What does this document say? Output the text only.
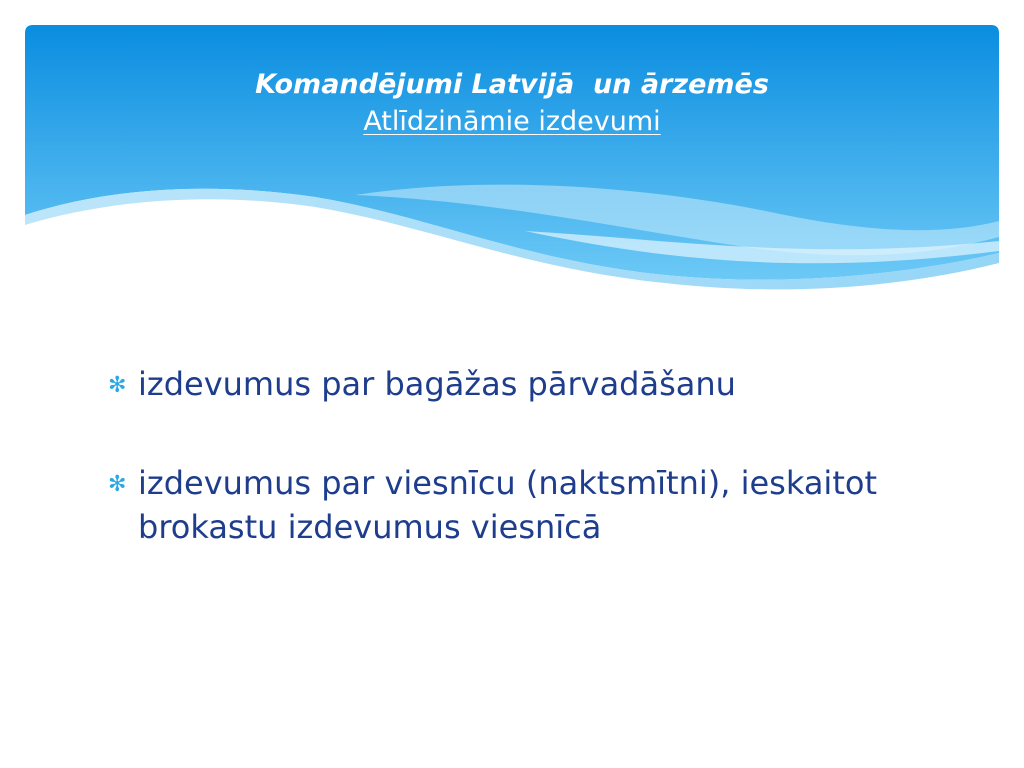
Komandējumi Latvijā  un ārzemēs
Atlīdzināmie izdevumi
✻ izdevumus par bagāžas pārvadāšanu
✻ izdevumus par viesnīcu (naktsmītni), ieskaitot brokastu izdevumus viesnīcā
